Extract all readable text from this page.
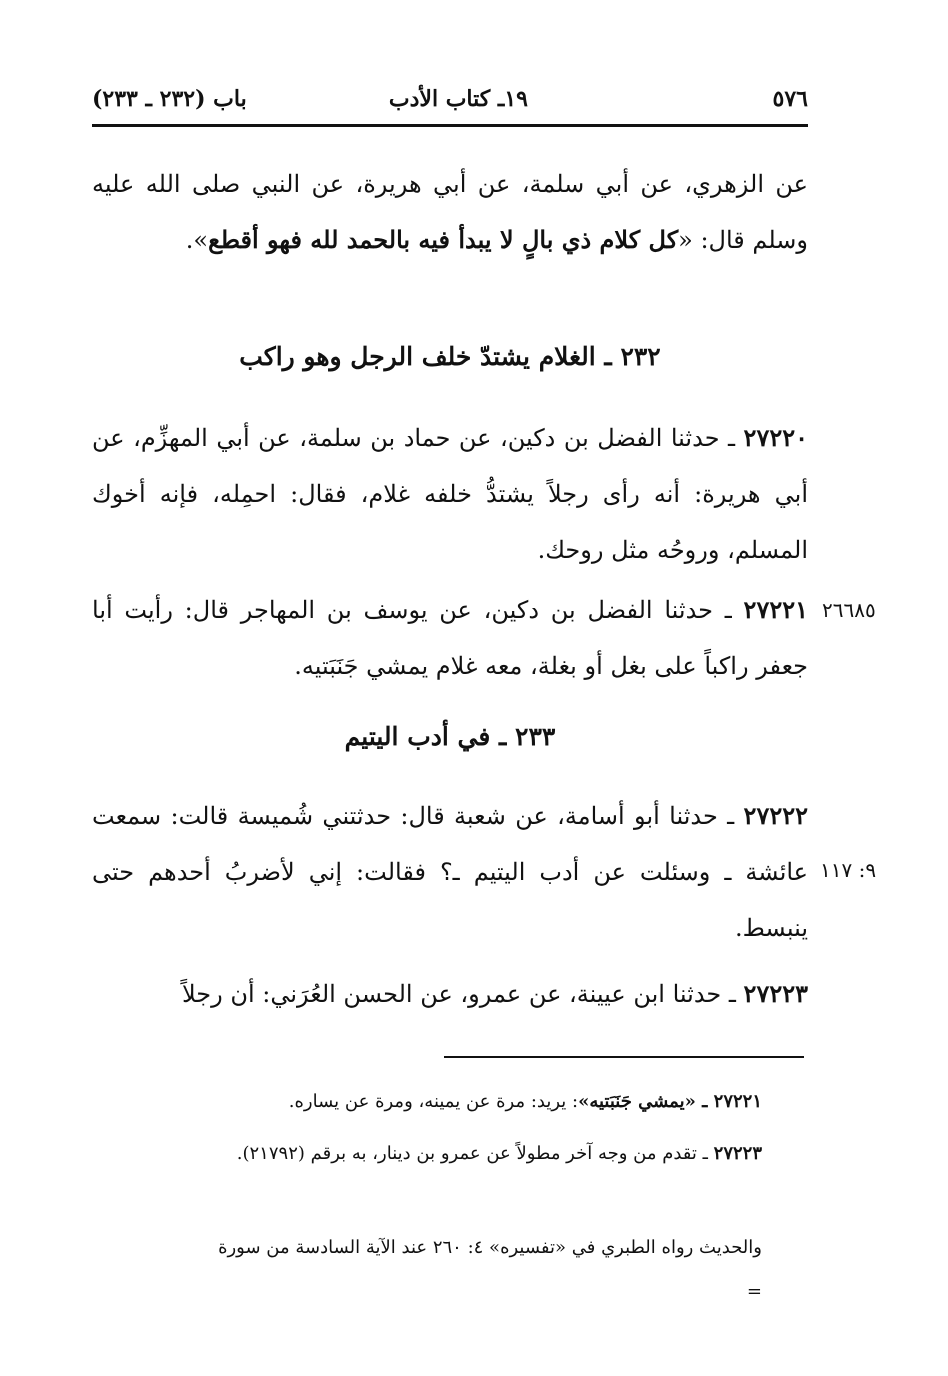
٥٧٦
١٩ـ كتاب الأدب
باب (٢٣٢ ـ ٢٣٣)
عن الزهري، عن أبي سلمة، عن أبي هريرة، عن النبي صلى الله عليه وسلم قال: «كل كلام ذي بالٍ لا يبدأ فيه بالحمد لله فهو أقطع».
٢٣٢ ـ الغلام يشتدّ خلف الرجل وهو راكب
٢٧٢٢٠ ـ حدثنا الفضل بن دكين، عن حماد بن سلمة، عن أبي المهزِّم، عن أبي هريرة: أنه رأى رجلاً يشتدُّ خلفه غلام، فقال: احمِله، فإنه أخوك المسلم، وروحُه مثل روحك.
٢٧٢٢١ ـ حدثنا الفضل بن دكين، عن يوسف بن المهاجر قال: رأيت أبا جعفر راكباً على بغل أو بغلة، معه غلام يمشي جَنَبَتيه.
٢٦٦٨٥
٢٣٣ ـ في أدب اليتيم
٢٧٢٢٢ ـ حدثنا أبو أسامة، عن شعبة قال: حدثتني شُميسة قالت: سمعت عائشة ـ وسئلت عن أدب اليتيم ـ؟ فقالت: إني لأضربُ أحدهم حتى ينبسط.
٩: ١١٧
٢٧٢٢٣ ـ حدثنا ابن عيينة، عن عمرو، عن الحسن العُرَني: أن رجلاً
٢٧٢٢١ ـ «يمشي جَنَبَتيه»: يريد: مرة عن يمينه، ومرة عن يساره.
٢٧٢٢٣ ـ تقدم من وجه آخر مطولاً عن عمرو بن دينار، به برقم (٢١٧٩٢).
والحديث رواه الطبري في «تفسيره» ٤: ٢٦٠ عند الآية السادسة من سورة
=
